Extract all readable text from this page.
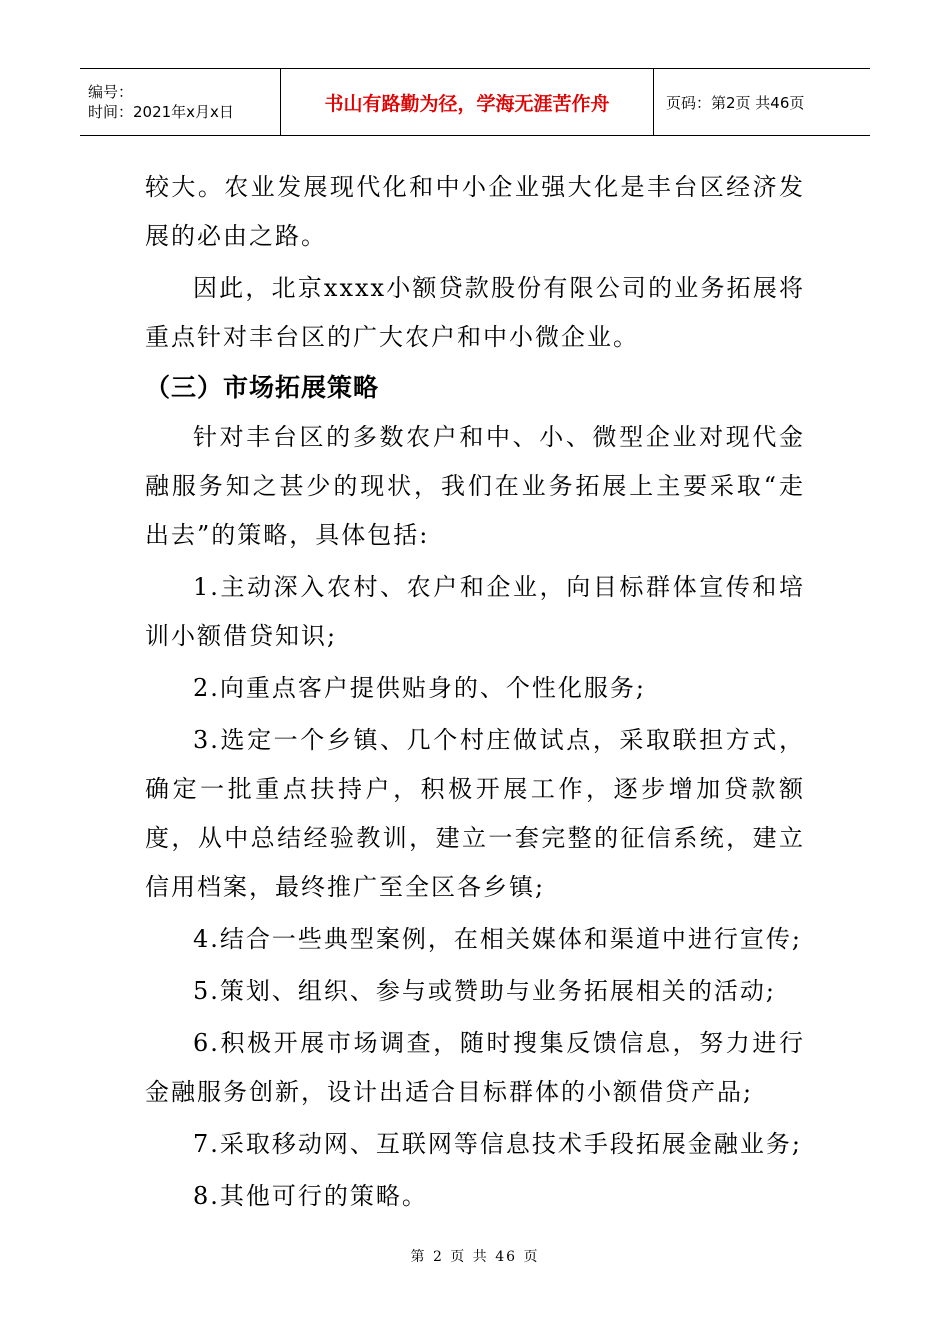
编号：
时间：2021年x月x日	书山有路勤为径，学海无涯苦作舟	页码：第2页 共46页

较大。农业发展现代化和中小企业强大化是丰台区经济发展的必由之路。

因此，北京xxxx小额贷款股份有限公司的业务拓展将重点针对丰台区的广大农户和中小微企业。

（三）市场拓展策略

针对丰台区的多数农户和中、小、微型企业对现代金融服务知之甚少的现状，我们在业务拓展上主要采取“走出去”的策略，具体包括:

1.主动深入农村、农户和企业，向目标群体宣传和培训小额借贷知识;

2.向重点客户提供贴身的、个性化服务;

3.选定一个乡镇、几个村庄做试点，采取联担方式，确定一批重点扶持户，积极开展工作，逐步增加贷款额度，从中总结经验教训，建立一套完整的征信系统，建立信用档案，最终推广至全区各乡镇;

4.结合一些典型案例，在相关媒体和渠道中进行宣传;

5.策划、组织、参与或赞助与业务拓展相关的活动;

6.积极开展市场调查，随时搜集反馈信息，努力进行金融服务创新，设计出适合目标群体的小额借贷产品;

7.采取移动网、互联网等信息技术手段拓展金融业务;

8.其他可行的策略。

第 2 页 共 46 页
